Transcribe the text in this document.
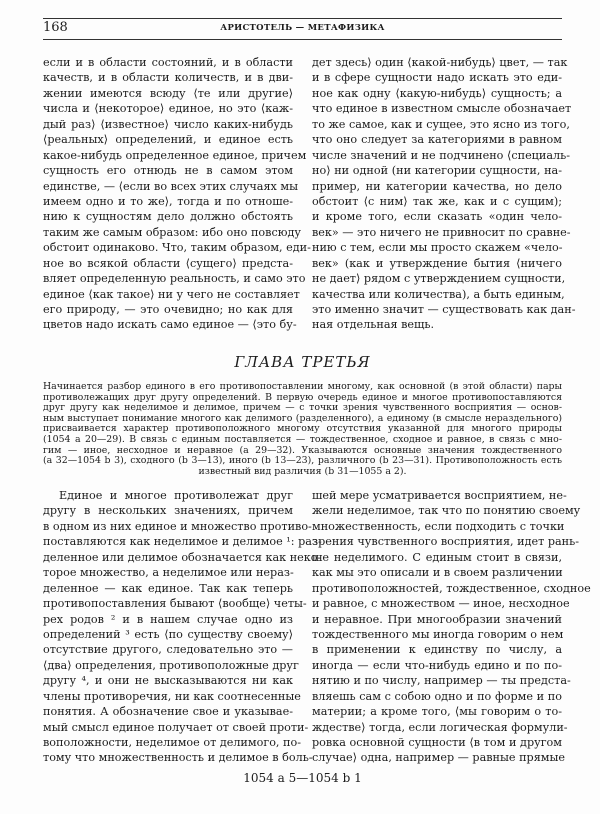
168	АРИСТОТЕЛЬ — МЕТАФИЗИКА
если и в области состояний, и в области
качеств, и в области количеств, и в дви-
жении имеются всюду ⟨те или другие⟩
числа и ⟨некоторое⟩ единое, но это ⟨каж-
дый раз⟩ ⟨известное⟩ число каких-нибудь
⟨реальных⟩ определений, и единое есть
какое-нибудь определенное единое, причем
сущность его отнюдь не в самом этом
единстве, — ⟨если во всех этих случаях мы
имеем одно и то же⟩, тогда и по отноше-
нию к сущностям дело должно обстоять
таким же самым образом: ибо оно повсюду
обстоит одинаково. Что, таким образом, еди-
ное во всякой области ⟨сущего⟩ предста-
вляет определенную реальность, и само это
единое ⟨как такое⟩ ни у чего не составляет
его природу, — это очевидно; но как для
цветов надо искать само единое — ⟨это бу-
дет здесь⟩ один ⟨какой-нибудь⟩ цвет, — так
и в сфере сущности надо искать это еди-
ное как одну ⟨какую-нибудь⟩ сущность; а
что единое в известном смысле обозначает
то же самое, как и сущее, это ясно из того,
что оно следует за категориями в равном
числе значений и не подчинено ⟨специаль-
но⟩ ни одной (ни категории сущности, на-
пример, ни категории качества, но дело
обстоит ⟨с ним⟩ так же, как и с сущим);
и кроме того, если сказать «один чело-
век» — это ничего не привносит по сравне-
нию с тем, если мы просто скажем «чело-
век» (как и утверждение бытия ⟨ничего
не дает⟩ рядом с утверждением сущности,
качества или количества), а быть единым,
это именно значит — существовать как дан-
ная отдельная вещь.
ГЛАВА ТРЕТЬЯ
Начинается разбор единого в его противопоставлении многому, как основной (в этой области) пары
противолежащих друг другу определений. В первую очередь единое и многое противопоставляются
друг другу как неделимое и делимое, причем — с точки зрения чувственного восприятия — основ-
ным выступает понимание многого как делимого (разделенного), а единому (в смысле нераздельного)
присваивается характер противоположного многому отсутствия указанной для многого природы
(1054 a 20—29). В связь с единым поставляется — тождественное, сходное и равное, в связь с мно-
гим — иное, несходное и неравное (a 29—32). Указываются основные значения тождественного
(a 32—1054 b 3), сходного (b 3—13), иного (b 13—23), различного (b 23—31). Противоположность есть
известный вид различия (b 31—1055 a 2).
Единое и многое противолежат друг
другу в нескольких значениях, причем
в одном из них единое и множество противо-
поставляются как неделимое и делимое ¹: раз-
деленное или делимое обозначается как неко-
торое множество, а неделимое или нераз-
деленное — как единое. Так как теперь
противопоставления бывают ⟨вообще⟩ четы-
рех родов ² и в нашем случае одно из
определений ³ есть ⟨по существу своему⟩
отсутствие другого, следовательно это —
⟨два⟩ определения, противоположные друг
другу ⁴, и они не высказываются ни как
члены противоречия, ни как соотнесенные
понятия. А обозначение свое и указывае-
мый смысл единое получает от своей проти-
воположности, неделимое от делимого, по-
тому что множественность и делимое в боль-
шей мере усматривается восприятием, не-
жели неделимое, так что по понятию своему
множественность, если подходить с точки
зрения чувственного восприятия, идет рань-
ше неделимого. С единым стоит в связи,
как мы это описали и в своем различении
противоположностей, тождественное, сходное
и равное, с множеством — иное, несходное
и неравное. При многообразии значений
тождественного мы иногда говорим о нем
в применении к единству по числу, а
иногда — если что-нибудь едино и по по-
нятию и по числу, например — ты предста-
вляешь сам с собою одно и по форме и по
материи; а кроме того, ⟨мы говорим о то-
ждестве⟩ тогда, если логическая формули-
ровка основной сущности ⟨в том и другом
случае⟩ одна, например — равные прямые
1054 a 5—1054 b 1
